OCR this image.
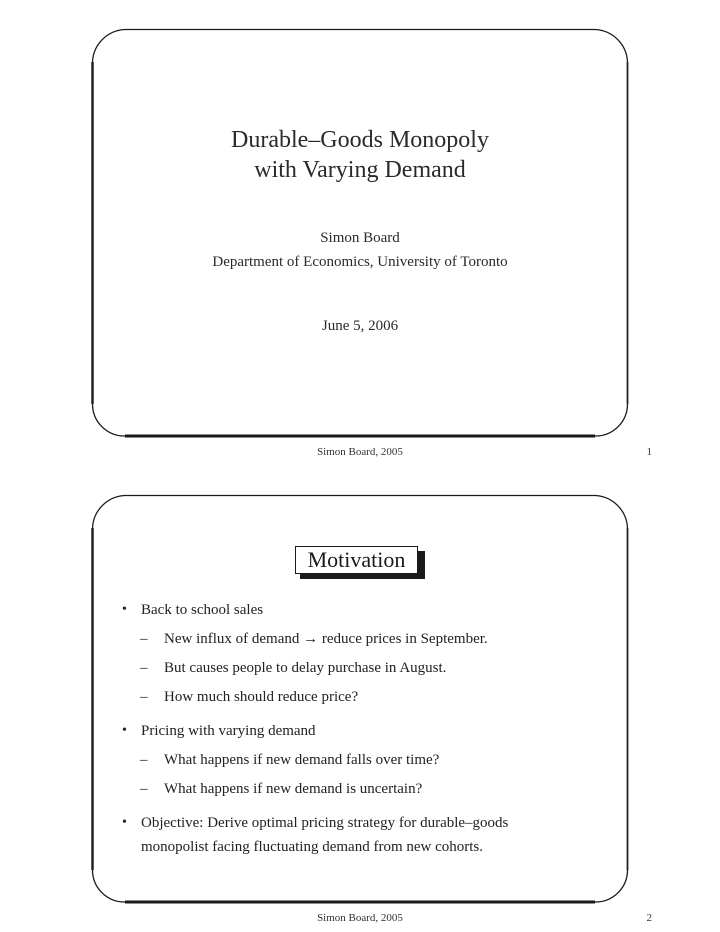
Durable–Goods Monopoly
with Varying Demand
Simon Board
Department of Economics, University of Toronto
June 5, 2006
Simon Board, 2005	1
Motivation
• Back to school sales
– New influx of demand → reduce prices in September.
– But causes people to delay purchase in August.
– How much should reduce price?
• Pricing with varying demand
– What happens if new demand falls over time?
– What happens if new demand is uncertain?
• Objective: Derive optimal pricing strategy for durable–goods
monopolist facing fluctuating demand from new cohorts.
Simon Board, 2005	2
